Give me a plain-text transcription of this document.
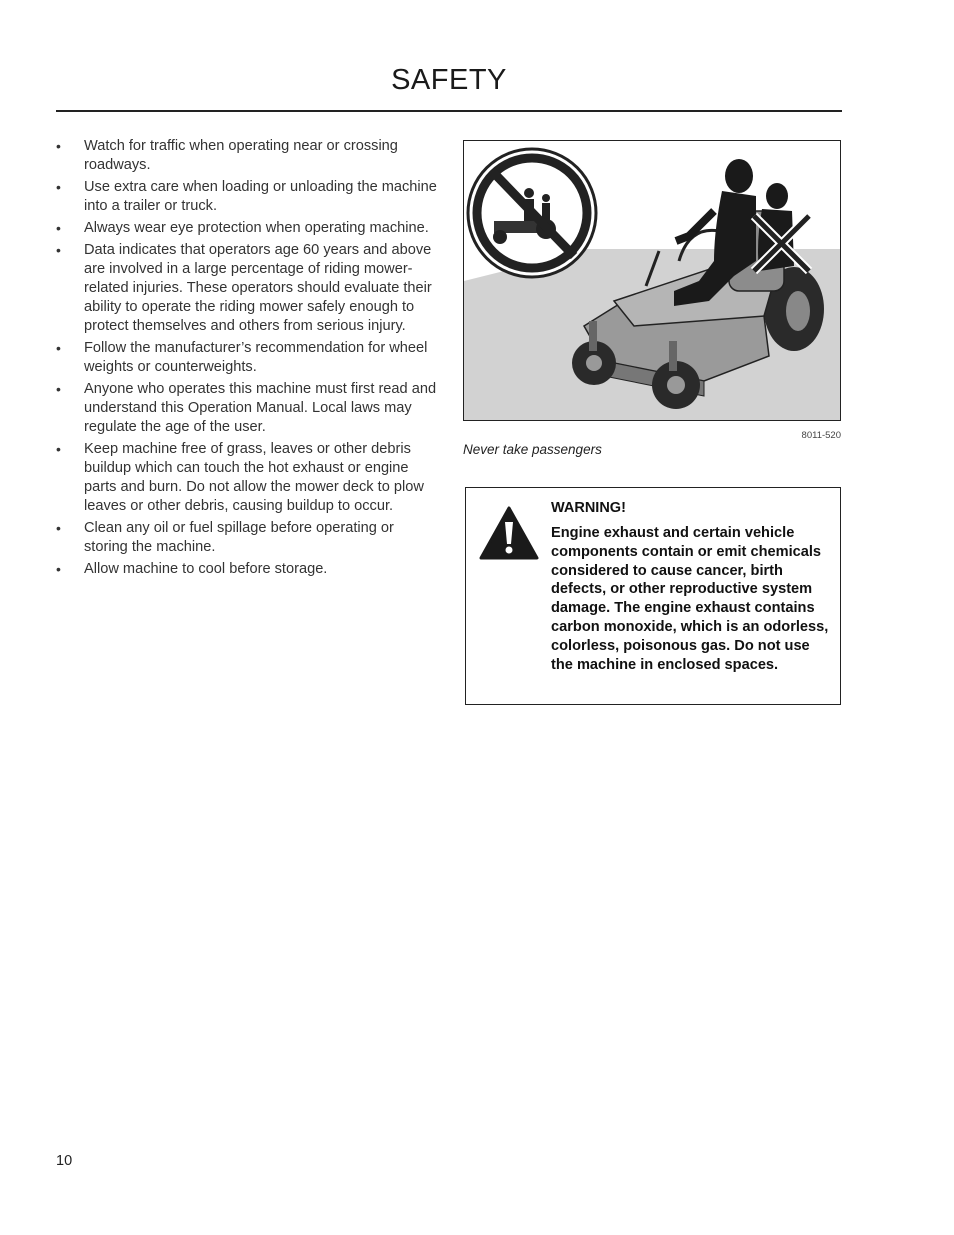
SAFETY
• Watch for traffic when operating near or crossing roadways.
• Use extra care when loading or unloading the machine into a trailer or truck.
• Always wear eye protection when operating machine.
• Data indicates that operators age 60 years and above are involved in a large percentage of riding mower-related injuries. These operators should evaluate their ability to operate the riding mower safely enough to protect themselves and others from serious injury.
• Follow the manufacturer’s recommendation for wheel weights or counterweights.
• Anyone who operates this machine must first read and understand this Operation Manual. Local laws may regulate the age of the user.
• Keep machine free of grass, leaves or other debris buildup which can touch the hot exhaust or engine parts and burn. Do not allow the mower deck to plow leaves or other debris, causing buildup to occur.
• Clean any oil or fuel spillage before operating or storing the machine.
• Allow machine to cool before storage.
8011-520
Never take passengers
WARNING!
Engine exhaust and certain vehicle components contain or emit chemicals considered to cause cancer, birth defects, or other reproductive system damage. The engine exhaust contains carbon monoxide, which is an odorless, colorless, poisonous gas. Do not use the machine in enclosed spaces.
10
